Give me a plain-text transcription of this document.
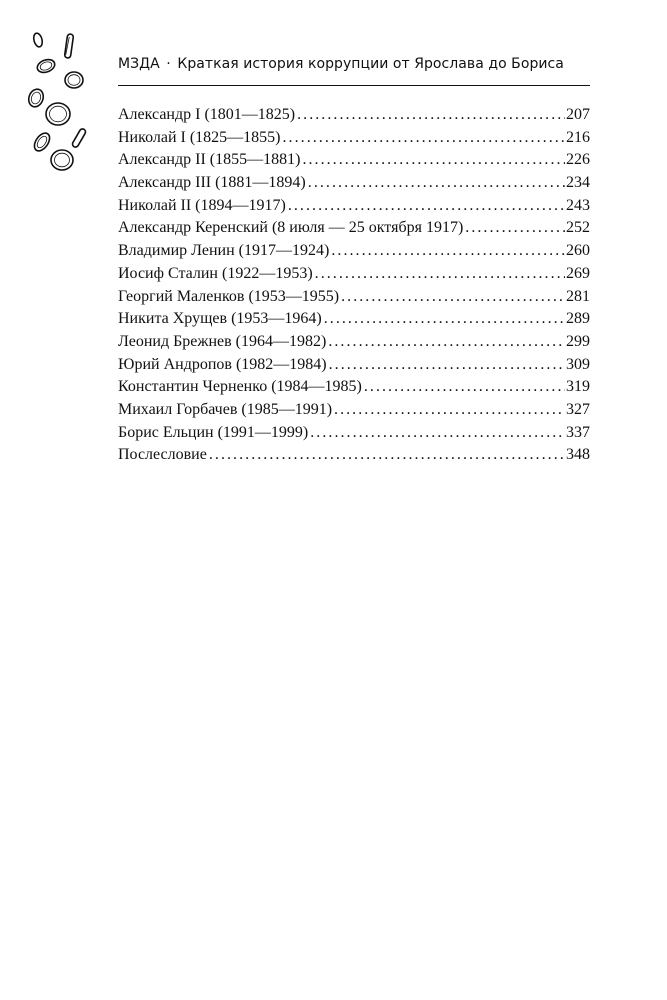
МЗДА · Краткая история коррупции от Ярослава до Бориса
Александр I (1801—1825) .....	207
Николай I (1825—1855) .....	216
Александр II (1855—1881) .....	226
Александр III (1881—1894) .....	234
Николай II (1894—1917) .....	243
Александр Керенский (8 июля — 25 октября 1917) .....	252
Владимир Ленин (1917—1924) .....	260
Иосиф Сталин (1922—1953) .....	269
Георгий Маленков (1953—1955) .....	281
Никита Хрущев (1953—1964) .....	289
Леонид Брежнев (1964—1982) .....	299
Юрий Андропов (1982—1984) .....	309
Константин Черненко (1984—1985) .....	319
Михаил Горбачев (1985—1991) .....	327
Борис Ельцин (1991—1999) .....	337
Послесловие .....	348
